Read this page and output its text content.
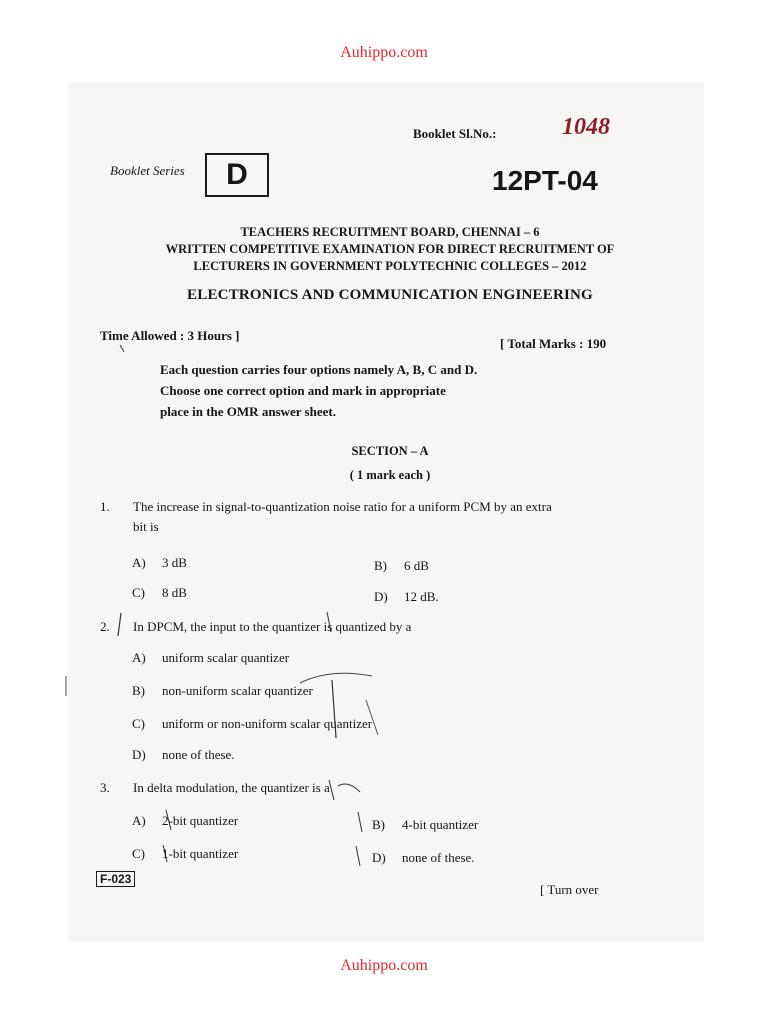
Auhippo.com
Booklet Sl.No.:	1048
Booklet Series	D	12PT-04
TEACHERS RECRUITMENT BOARD, CHENNAI – 6
WRITTEN COMPETITIVE EXAMINATION FOR DIRECT RECRUITMENT OF
LECTURERS IN GOVERNMENT POLYTECHNIC COLLEGES – 2012
ELECTRONICS AND COMMUNICATION ENGINEERING
Time Allowed : 3 Hours ]
[ Total Marks : 190
Each question carries four options namely A, B, C and D.
Choose one correct option and mark in appropriate
place in the OMR answer sheet.
SECTION – A
( 1 mark each )
1. The increase in signal-to-quantization noise ratio for a uniform PCM by an extra
bit is
A) 3 dB	B) 6 dB
C) 8 dB	D) 12 dB.
2. In DPCM, the input to the quantizer is quantized by a
A) uniform scalar quantizer
B) non-uniform scalar quantizer
C) uniform or non-uniform scalar quantizer
D) none of these.
3. In delta modulation, the quantizer is a
A) 2-bit quantizer	B) 4-bit quantizer
C) 1-bit quantizer	D) none of these.
F-023
[ Turn over
Auhippo.com
